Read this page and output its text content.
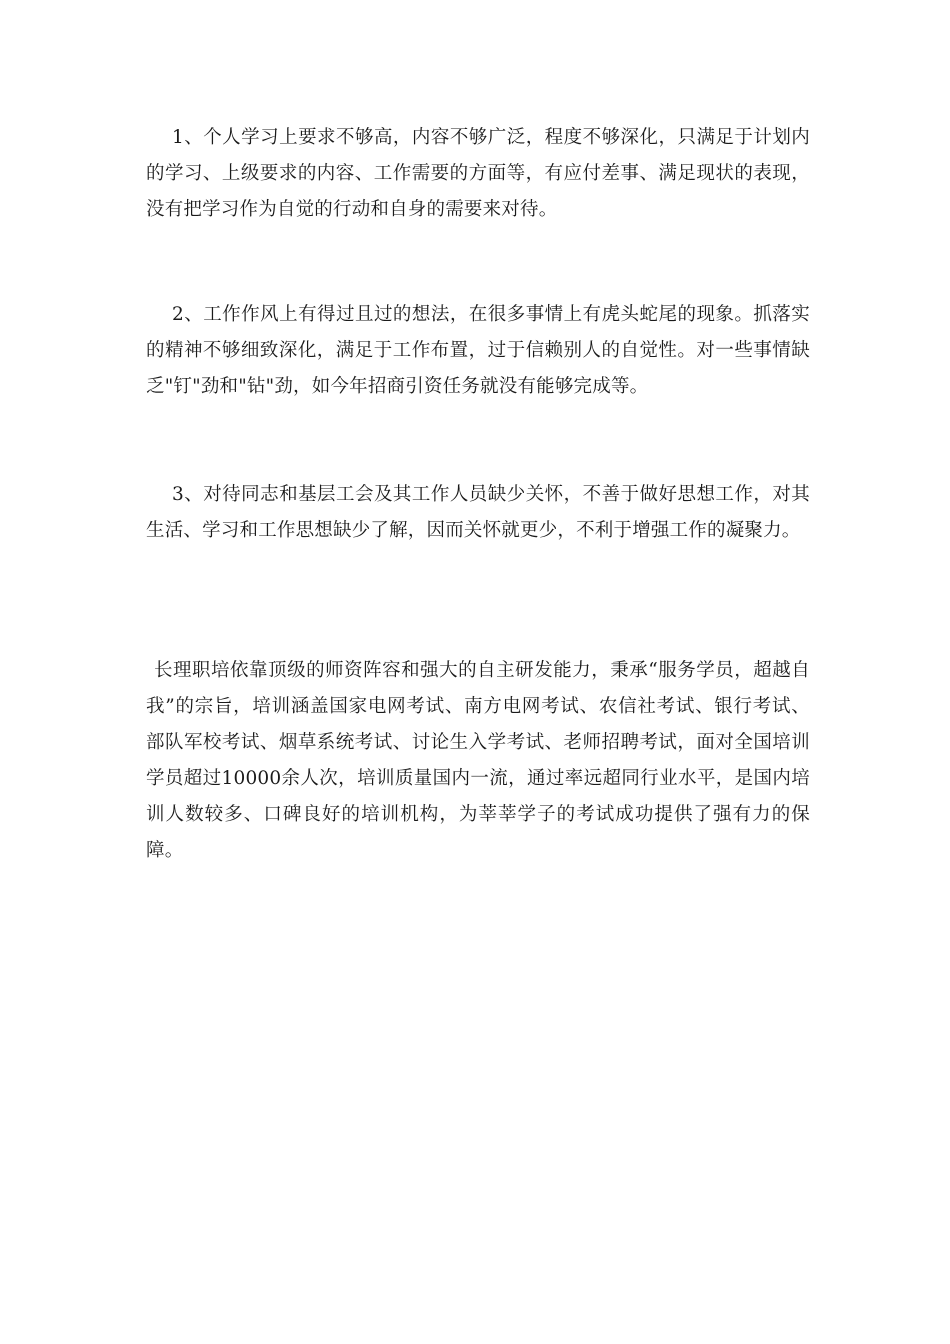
1、个人学习上要求不够高，内容不够广泛，程度不够深化，只满足于计划内的学习、上级要求的内容、工作需要的方面等，有应付差事、满足现状的表现，没有把学习作为自觉的行动和自身的需要来对待。

2、工作作风上有得过且过的想法，在很多事情上有虎头蛇尾的现象。抓落实的精神不够细致深化，满足于工作布置，过于信赖别人的自觉性。对一些事情缺乏"钉"劲和"钻"劲，如今年招商引资任务就没有能够完成等。

3、对待同志和基层工会及其工作人员缺少关怀，不善于做好思想工作，对其生活、学习和工作思想缺少了解，因而关怀就更少，不利于增强工作的凝聚力。

长理职培依靠顶级的师资阵容和强大的自主研发能力，秉承“服务学员，超越自我”的宗旨，培训涵盖国家电网考试、南方电网考试、农信社考试、银行考试、部队军校考试、烟草系统考试、讨论生入学考试、老师招聘考试，面对全国培训学员超过10000余人次，培训质量国内一流，通过率远超同行业水平，是国内培训人数较多、口碑良好的培训机构，为莘莘学子的考试成功提供了强有力的保障。
